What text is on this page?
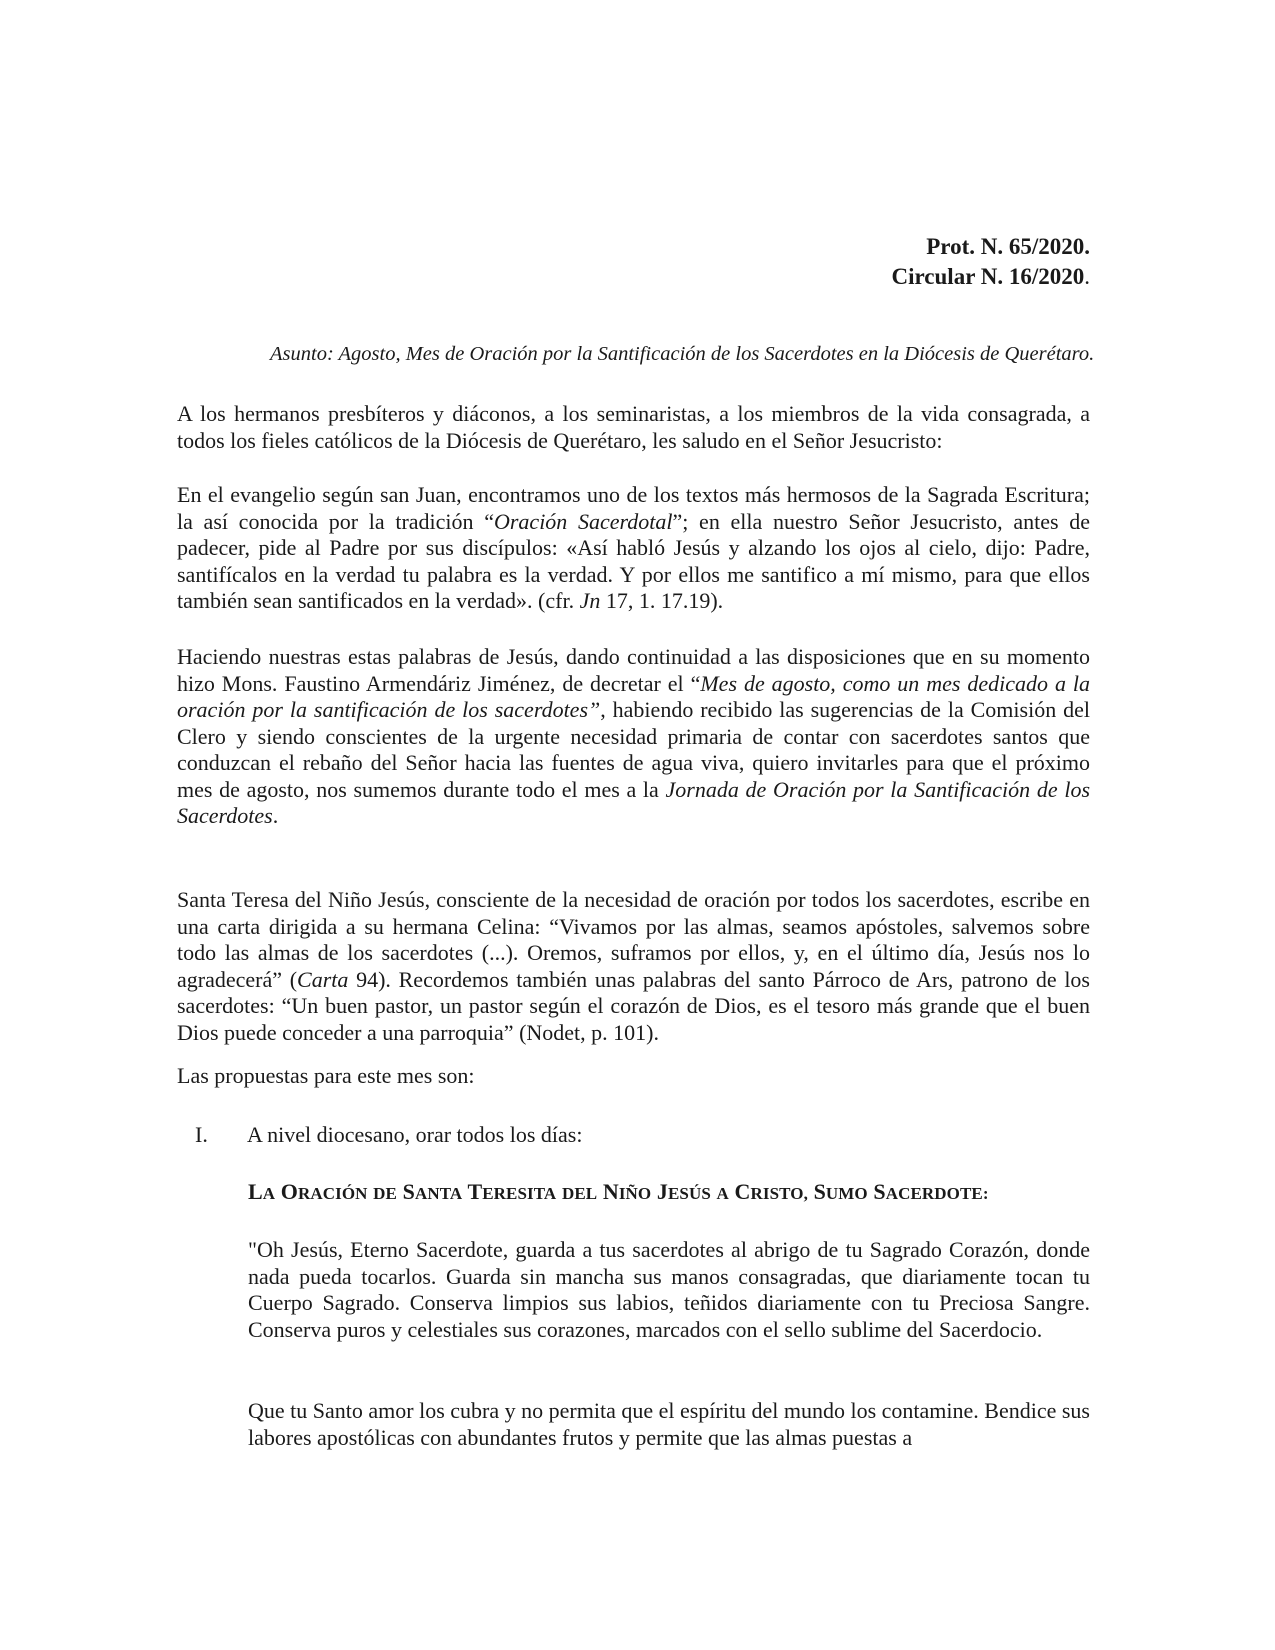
Prot. N. 65/2020.
Circular N. 16/2020.
Asunto: Agosto, Mes de Oración por la Santificación de los Sacerdotes en la Diócesis de Querétaro.
A los hermanos presbíteros y diáconos, a los seminaristas, a los miembros de la vida consagrada, a todos los fieles católicos de la Diócesis de Querétaro, les saludo en el Señor Jesucristo:
En el evangelio según san Juan, encontramos uno de los textos más hermosos de la Sagrada Escritura; la así conocida por la tradición “Oración Sacerdotal”; en ella nuestro Señor Jesucristo, antes de padecer, pide al Padre por sus discípulos: «Así habló Jesús y alzando los ojos al cielo, dijo: Padre, santifícalos en la verdad tu palabra es la verdad. Y por ellos me santifico a mí mismo, para que ellos también sean santificados en la verdad». (cfr. Jn 17, 1. 17.19).
Haciendo nuestras estas palabras de Jesús, dando continuidad a las disposiciones que en su momento hizo Mons. Faustino Armendáriz Jiménez, de decretar el “Mes de agosto, como un mes dedicado a la oración por la santificación de los sacerdotes”, habiendo recibido las sugerencias de la Comisión del Clero y siendo conscientes de la urgente necesidad primaria de contar con sacerdotes santos que conduzcan el rebaño del Señor hacia las fuentes de agua viva, quiero invitarles para que el próximo mes de agosto, nos sumemos durante todo el mes a la Jornada de Oración por la Santificación de los Sacerdotes.
Santa Teresa del Niño Jesús, consciente de la necesidad de oración por todos los sacerdotes, escribe en una carta dirigida a su hermana Celina: “Vivamos por las almas, seamos apóstoles, salvemos sobre todo las almas de los sacerdotes (...). Oremos, suframos por ellos, y, en el último día, Jesús nos lo agradecerá” (Carta 94). Recordemos también unas palabras del santo Párroco de Ars, patrono de los sacerdotes: “Un buen pastor, un pastor según el corazón de Dios, es el tesoro más grande que el buen Dios puede conceder a una parroquia” (Nodet, p. 101).
Las propuestas para este mes son:
I. A nivel diocesano, orar todos los días:
LA ORACIÓN DE SANTA TERESITA DEL NIÑO JESÚS A CRISTO, SUMO SACERDOTE:
"Oh Jesús, Eterno Sacerdote, guarda a tus sacerdotes al abrigo de tu Sagrado Corazón, donde nada pueda tocarlos. Guarda sin mancha sus manos consagradas, que diariamente tocan tu Cuerpo Sagrado. Conserva limpios sus labios, teñidos diariamente con tu Preciosa Sangre. Conserva puros y celestiales sus corazones, marcados con el sello sublime del Sacerdocio.
Que tu Santo amor los cubra y no permita que el espíritu del mundo los contamine. Bendice sus labores apostólicas con abundantes frutos y permite que las almas puestas a
